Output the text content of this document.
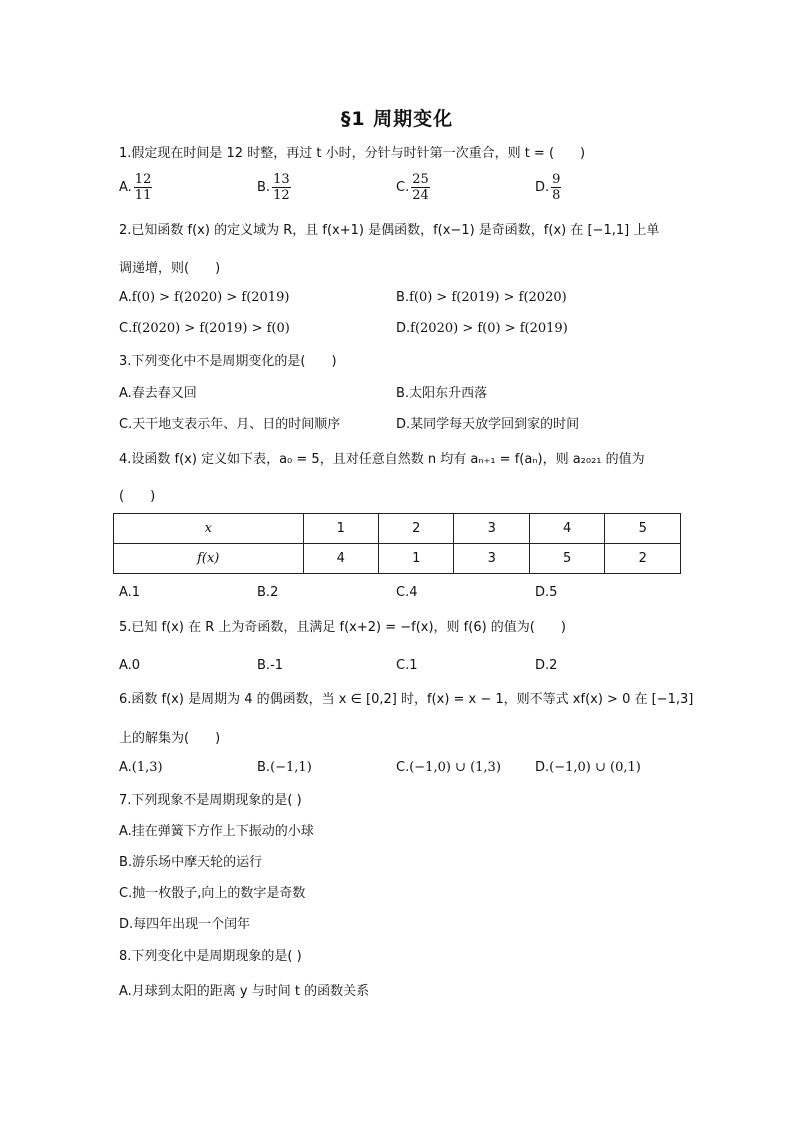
§1 周期变化
1.假定现在时间是 12 时整，再过 t 小时，分针与时针第一次重合，则 t = (　　)
A. $\frac{12}{11}$	B. $\frac{13}{12}$	C. $\frac{25}{24}$	D. $\frac{9}{8}$
2.已知函数 f(x) 的定义域为 R，且 f(x+1) 是偶函数，f(x−1) 是奇函数，f(x) 在 [−1,1] 上单
调递增，则(　　)
A.f(0) > f(2020) > f(2019)	B.f(0) > f(2019) > f(2020)
C.f(2020) > f(2019) > f(0)	D.f(2020) > f(0) > f(2019)
3.下列变化中不是周期变化的是(　　)
A.春去春又回	B.太阳东升西落
C.天干地支表示年、月、日的时间顺序	D.某同学每天放学回到家的时间
4.设函数 f(x) 定义如下表，a₀ = 5，且对任意自然数 n 均有 aₙ₊₁ = f(aₙ)，则 a₂₀₂₁ 的值为
(　　)
x	1	2	3	4	5
f(x)	4	1	3	5	2
A.1	B.2	C.4	D.5
5.已知 f(x) 在 R 上为奇函数，且满足 f(x+2) = −f(x)，则 f(6) 的值为(　　)
A.0	B.-1	C.1	D.2
6.函数 f(x) 是周期为 4 的偶函数，当 x ∈ [0,2] 时，f(x) = x − 1，则不等式 xf(x) > 0 在 [−1,3]
上的解集为(　　)
A.(1,3)	B.(−1,1)	C.(−1,0) ∪ (1,3)	D.(−1,0) ∪ (0,1)
7.下列现象不是周期现象的是( )
A.挂在弹簧下方作上下振动的小球
B.游乐场中摩天轮的运行
C.抛一枚骰子,向上的数字是奇数
D.每四年出现一个闰年
8.下列变化中是周期现象的是( )
A.月球到太阳的距离 y 与时间 t 的函数关系
